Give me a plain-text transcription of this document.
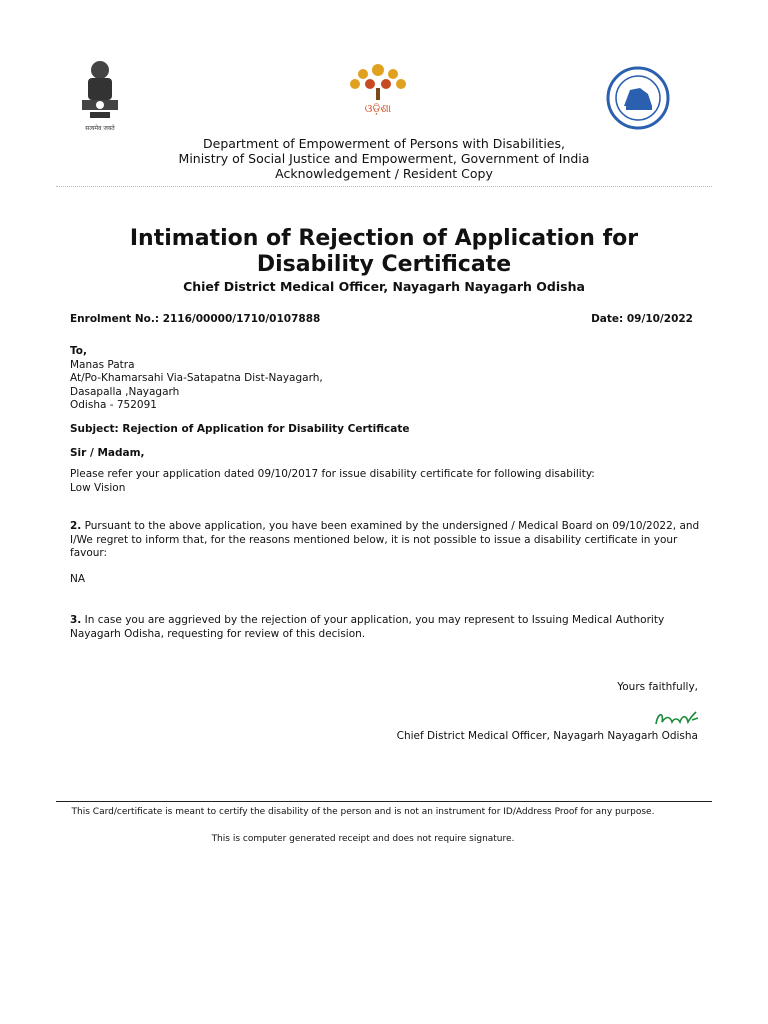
सत्यमेव जयते
ଓଡ଼ିଶା
Department of Empowerment of Persons with Disabilities,
Ministry of Social Justice and Empowerment, Government of India
Acknowledgement / Resident Copy
Intimation of Rejection of Application for Disability Certificate
Chief District Medical Officer, Nayagarh Nayagarh Odisha
Enrolment No.: 2116/00000/1710/0107888	Date: 09/10/2022
To,
Manas Patra
At/Po-Khamarsahi Via-Satapatna Dist-Nayagarh,
Dasapalla ,Nayagarh
Odisha - 752091
Subject: Rejection of Application for Disability Certificate
Sir / Madam,
Please refer your application dated 09/10/2017 for issue disability certificate for following disability:
Low Vision
2. Pursuant to the above application, you have been examined by the undersigned / Medical Board on 09/10/2022, and I/We regret to inform that, for the reasons mentioned below, it is not possible to issue a disability certificate in your favour:
NA
3. In case you are aggrieved by the rejection of your application, you may represent to Issuing Medical Authority Nayagarh Odisha, requesting for review of this decision.
Yours faithfully,
Chief District Medical Officer, Nayagarh Nayagarh Odisha
This Card/certificate is meant to certify the disability of the person and is not an instrument for ID/Address Proof for any purpose.
This is computer generated receipt and does not require signature.
